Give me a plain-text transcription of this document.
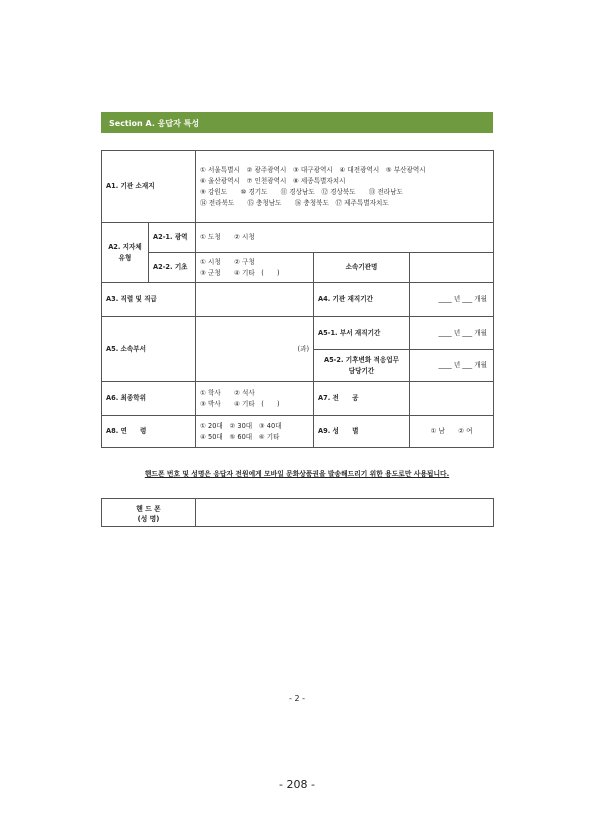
Section A. 응답자 특성
A1. 기관 소재지		① 서울특별시　② 광주광역시　③ 대구광역시　④ 대전광역시　⑤ 부산광역시
⑥ 울산광역시　⑦ 인천광역시　⑧ 세종특별자치시
⑨ 강원도　　⑩ 경기도　　⑪ 경상남도　⑫ 경상북도　　⑬ 전라남도
⑭ 전라북도　　⑮ 충청남도　　⑯ 충청북도　⑰ 제주특별자치도		

A2. 지자체 유형	A2-1. 광역	① 도청　　② 시청		
	A2-2. 기초	① 시청　　② 구청
③ 군청　　④ 기타　(　　)	소속기관명	
A3. 직렬 및 직급			A4. 기관 재직기간	____ 년 ___ 개월
A5. 소속부서		(과)	A5-1. 부서 재직기간	____ 년 ___ 개월

			A5-2. 기후변화 적응업무
담당기간	____ 년 ___ 개월
A6. 최종학위		① 학사　　② 석사
③ 박사　　④ 기타　(　　)	A7. 전　　공	
A8. 연　　령		① 20대　② 30대　③ 40대
④ 50대　⑤ 60대　⑥ 기타	A9. 성　　별	① 남　　② 여
핸드폰 번호 및 성명은 응답자 전원에게 모바일 문화상품권을 발송해드리기 위한 용도로만 사용됩니다.
핸 드 폰
(성 명)

- 2 -
- 208 -
